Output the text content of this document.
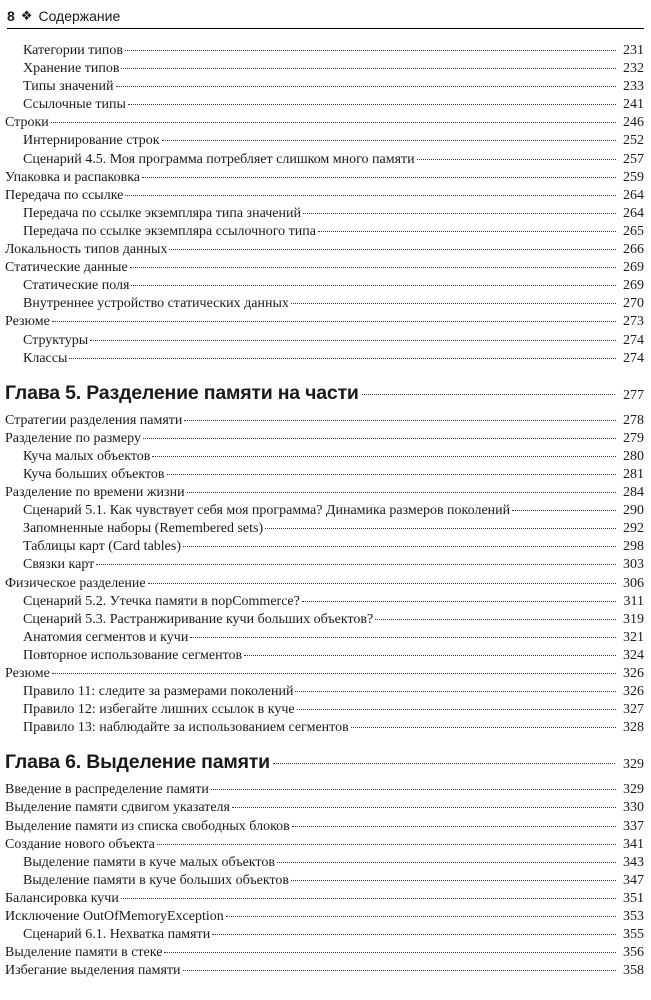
8 ❖ Содержание
Категории типов	231
Хранение типов	232
Типы значений	233
Ссылочные типы	241
Строки	246
Интернирование строк	252
Сценарий 4.5. Моя программа потребляет слишком много памяти	257
Упаковка и распаковка	259
Передача по ссылке	264
Передача по ссылке экземпляра типа значений	264
Передача по ссылке экземпляра ссылочного типа	265
Локальность типов данных	266
Статические данные	269
Статические поля	269
Внутреннее устройство статических данных	270
Резюме	273
Структуры	274
Классы	274
Глава 5. Разделение памяти на части	277
Стратегии разделения памяти	278
Разделение по размеру	279
Куча малых объектов	280
Куча больших объектов	281
Разделение по времени жизни	284
Сценарий 5.1. Как чувствует себя моя программа? Динамика размеров поколений	290
Запомненные наборы (Remembered sets)	292
Таблицы карт (Card tables)	298
Связки карт	303
Физическое разделение	306
Сценарий 5.2. Утечка памяти в nopCommerce?	311
Сценарий 5.3. Растранжиривание кучи больших объектов?	319
Анатомия сегментов и кучи	321
Повторное использование сегментов	324
Резюме	326
Правило 11: следите за размерами поколений	326
Правило 12: избегайте лишних ссылок в куче	327
Правило 13: наблюдайте за использованием сегментов	328
Глава 6. Выделение памяти	329
Введение в распределение памяти	329
Выделение памяти сдвигом указателя	330
Выделение памяти из списка свободных блоков	337
Создание нового объекта	341
Выделение памяти в куче малых объектов	343
Выделение памяти в куче больших объектов	347
Балансировка кучи	351
Исключение OutOfMemoryException	353
Сценарий 6.1. Нехватка памяти	355
Выделение памяти в стеке	356
Избегание выделения памяти	358
